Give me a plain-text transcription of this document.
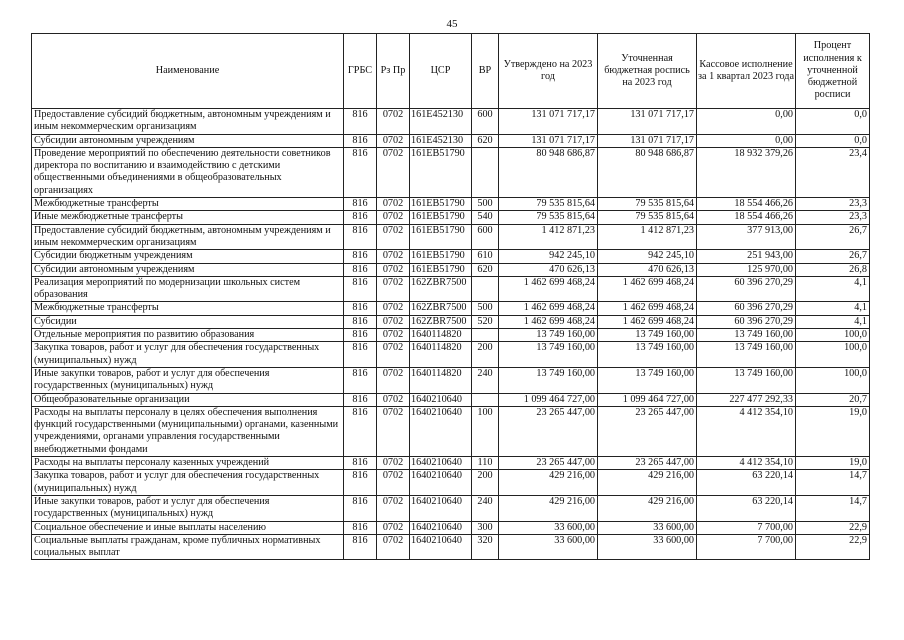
45
Наименование	ГРБС	Рз Пр	ЦСР	ВР	Утверждено на 2023 год	Уточненная бюджетная роспись на 2023 год	Кассовое исполнение за 1 квартал 2023 года	Процент исполнения к уточненной бюджетной росписи
Предоставление субсидий бюджетным, автономным учреждениям и иным некоммерческим организациям	816	0702	161E452130	600	131 071 717,17	131 071 717,17	0,00	0,0
Субсидии автономным учреждениям	816	0702	161E452130	620	131 071 717,17	131 071 717,17	0,00	0,0
Проведение мероприятий по обеспечению деятельности советников директора по воспитанию и взаимодействию с детскими общественными объединениями в общеобразовательных организациях	816	0702	161EB51790		80 948 686,87	80 948 686,87	18 932 379,26	23,4
Межбюджетные трансферты	816	0702	161EB51790	500	79 535 815,64	79 535 815,64	18 554 466,26	23,3
Иные межбюджетные трансферты	816	0702	161EB51790	540	79 535 815,64	79 535 815,64	18 554 466,26	23,3
Предоставление субсидий бюджетным, автономным учреждениям и иным некоммерческим организациям	816	0702	161EB51790	600	1 412 871,23	1 412 871,23	377 913,00	26,7
Субсидии бюджетным учреждениям	816	0702	161EB51790	610	942 245,10	942 245,10	251 943,00	26,7
Субсидии автономным учреждениям	816	0702	161EB51790	620	470 626,13	470 626,13	125 970,00	26,8
Реализация мероприятий по модернизации школьных систем образования	816	0702	162ZBR7500		1 462 699 468,24	1 462 699 468,24	60 396 270,29	4,1
Межбюджетные трансферты	816	0702	162ZBR7500	500	1 462 699 468,24	1 462 699 468,24	60 396 270,29	4,1
Субсидии	816	0702	162ZBR7500	520	1 462 699 468,24	1 462 699 468,24	60 396 270,29	4,1
Отдельные мероприятия по развитию образования	816	0702	1640114820		13 749 160,00	13 749 160,00	13 749 160,00	100,0
Закупка товаров, работ и услуг для обеспечения государственных (муниципальных) нужд	816	0702	1640114820	200	13 749 160,00	13 749 160,00	13 749 160,00	100,0
Иные закупки товаров, работ и услуг для обеспечения государственных (муниципальных) нужд	816	0702	1640114820	240	13 749 160,00	13 749 160,00	13 749 160,00	100,0
Общеобразовательные организации	816	0702	1640210640		1 099 464 727,00	1 099 464 727,00	227 477 292,33	20,7
Расходы на выплаты персоналу в целях обеспечения выполнения функций государственными (муниципальными) органами, казенными учреждениями, органами управления государственными внебюджетными фондами	816	0702	1640210640	100	23 265 447,00	23 265 447,00	4 412 354,10	19,0
Расходы на выплаты персоналу казенных учреждений	816	0702	1640210640	110	23 265 447,00	23 265 447,00	4 412 354,10	19,0
Закупка товаров, работ и услуг для обеспечения государственных (муниципальных) нужд	816	0702	1640210640	200	429 216,00	429 216,00	63 220,14	14,7
Иные закупки товаров, работ и услуг для обеспечения государственных (муниципальных) нужд	816	0702	1640210640	240	429 216,00	429 216,00	63 220,14	14,7
Социальное обеспечение и иные выплаты населению	816	0702	1640210640	300	33 600,00	33 600,00	7 700,00	22,9
Социальные выплаты гражданам, кроме публичных нормативных социальных выплат	816	0702	1640210640	320	33 600,00	33 600,00	7 700,00	22,9
